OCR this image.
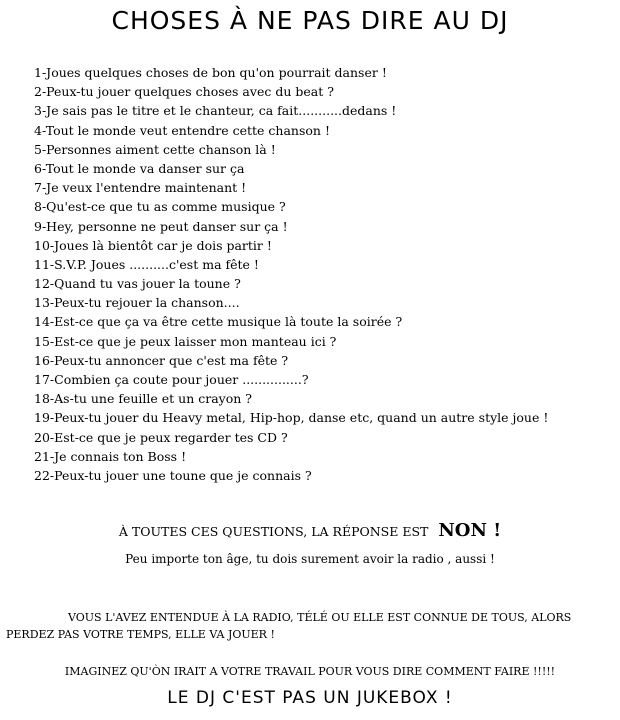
CHOSES À NE PAS DIRE AU DJ
1-Joues quelques choses de bon qu'on pourrait danser !
2-Peux-tu jouer quelques choses avec du beat ?
3-Je sais pas le titre et le chanteur, ca fait...........dedans !
4-Tout le monde veut entendre cette chanson !
5-Personnes aiment cette chanson là !
6-Tout le monde va danser sur ça
7-Je veux l'entendre maintenant !
8-Qu'est-ce que tu as comme musique ?
9-Hey, personne ne peut danser sur ça !
10-Joues là bientôt car je dois partir !
11-S.V.P. Joues ..........c'est ma fête !
12-Quand tu vas jouer la toune ?
13-Peux-tu rejouer la chanson....
14-Est-ce que ça va être cette musique là toute la soirée ?
15-Est-ce que je peux laisser mon manteau ici ?
16-Peux-tu annoncer que c'est ma fête ?
17-Combien ça coute pour jouer ...............?
18-As-tu une feuille et un crayon ?
19-Peux-tu jouer du Heavy metal, Hip-hop, danse etc, quand un autre style joue !
20-Est-ce que je peux regarder tes CD ?
21-Je connais ton Boss !
22-Peux-tu jouer une toune que je connais ?
À TOUTES CES QUESTIONS, LA RÉPONSE EST NON !
Peu importe ton âge, tu dois surement avoir la radio , aussi !
VOUS L'AVEZ ENTENDUE À LA RADIO, TÉLÉ OU ELLE EST CONNUE DE TOUS, ALORS
PERDEZ PAS VOTRE TEMPS, ELLE VA JOUER !
IMAGINEZ QU'ÒN IRAIT A VOTRE TRAVAIL POUR VOUS DIRE COMMENT FAIRE !!!!!
LE DJ C'EST PAS UN JUKEBOX !
